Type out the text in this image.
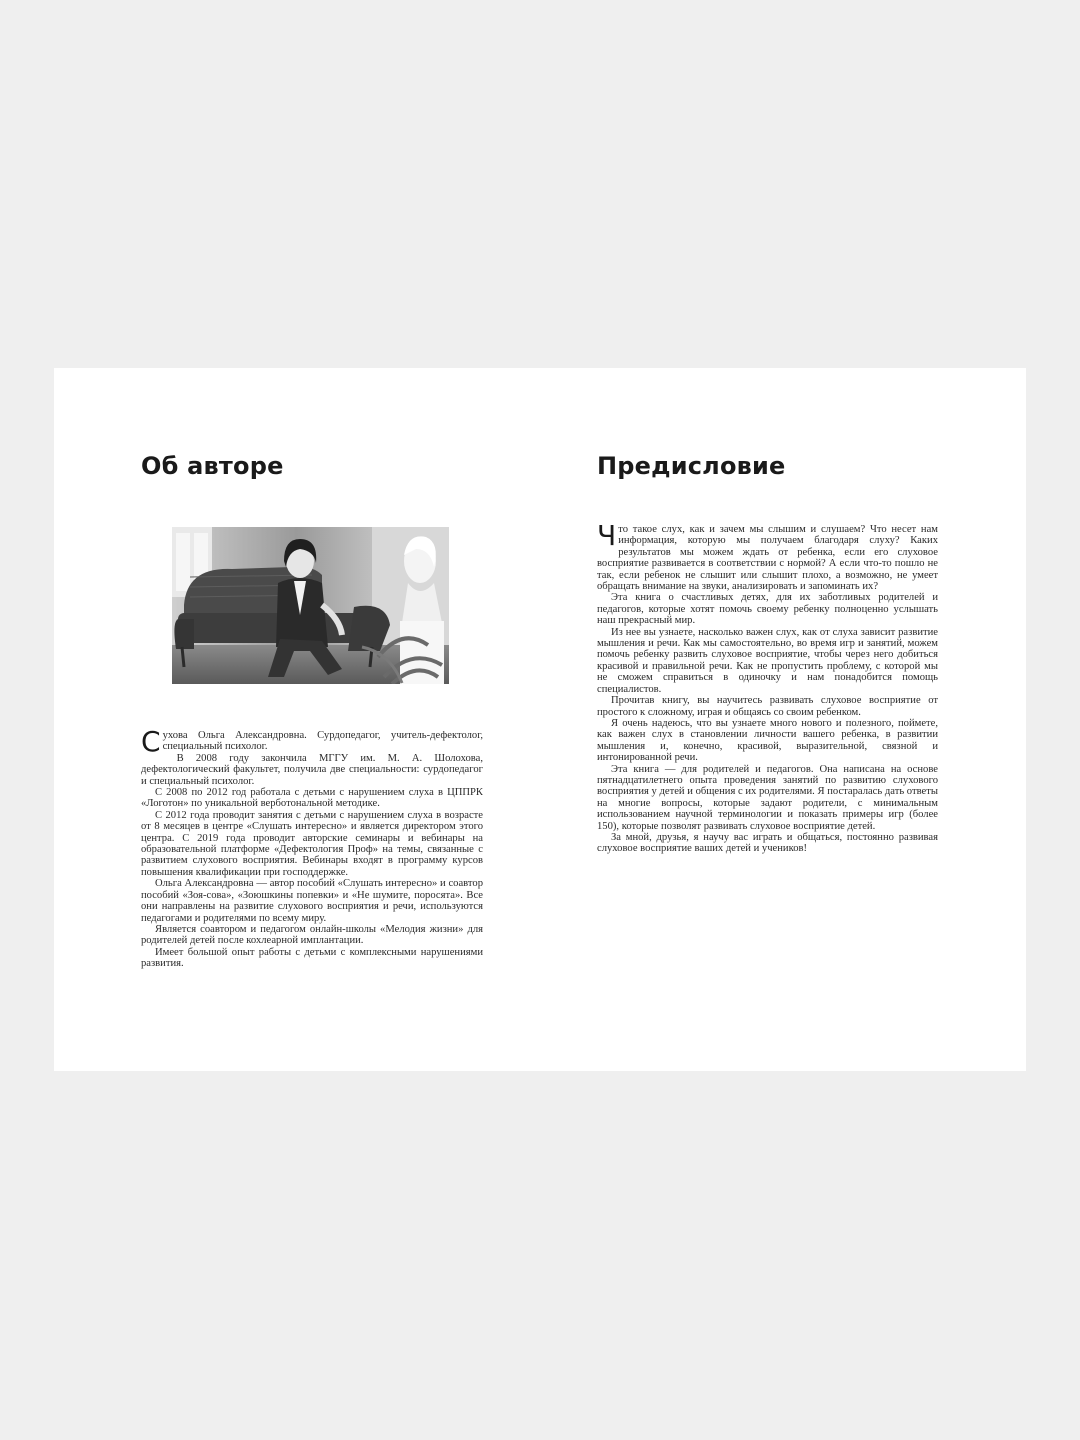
Об авторе

Сухова Ольга Александровна. Сурдопедагог, учитель-дефектолог, специальный психолог.

В 2008 году закончила МГГУ им. М. А. Шолохова, дефектологический факультет, получила две специальности: сурдопедагог и специальный психолог.

С 2008 по 2012 год работала с детьми с нарушением слуха в ЦППРК «Логотон» по уникальной верботональной методике.

С 2012 года проводит занятия с детьми с нарушением слуха в возрасте от 8 месяцев в центре «Слушать интересно» и является директором этого центра. С 2019 года проводит авторские семинары и вебинары на образовательной платформе «Дефектология Проф» на темы, связанные с развитием слухового восприятия. Вебинары входят в программу курсов повышения квалификации при господдержке.

Ольга Александровна — автор пособий «Слушать интересно» и соавтор пособий «Зоя-сова», «Зоюшкины попевки» и «Не шумите, поросята». Все они направлены на развитие слухового восприятия и речи, используются педагогами и родителями по всему миру.

Является соавтором и педагогом онлайн-школы «Мелодия жизни» для родителей детей после кохлеарной имплантации.

Имеет большой опыт работы с детьми с комплексными нарушениями развития.

Предисловие

Что такое слух, как и зачем мы слышим и слушаем? Что несет нам информация, которую мы получаем благодаря слуху? Каких результатов мы можем ждать от ребенка, если его слуховое восприятие развивается в соответствии с нормой? А если что-то пошло не так, если ребенок не слышит или слышит плохо, а возможно, не умеет обращать внимание на звуки, анализировать и запоминать их?

Эта книга о счастливых детях, для их заботливых родителей и педагогов, которые хотят помочь своему ребенку полноценно услышать наш прекрасный мир.

Из нее вы узнаете, насколько важен слух, как от слуха зависит развитие мышления и речи. Как мы самостоятельно, во время игр и занятий, можем помочь ребенку развить слуховое восприятие, чтобы через него добиться красивой и правильной речи. Как не пропустить проблему, с которой мы не сможем справиться в одиночку и нам понадобится помощь специалистов.

Прочитав книгу, вы научитесь развивать слуховое восприятие от простого к сложному, играя и общаясь со своим ребенком.

Я очень надеюсь, что вы узнаете много нового и полезного, поймете, как важен слух в становлении личности вашего ребенка, в развитии мышления и, конечно, красивой, выразительной, связной и интонированной речи.

Эта книга — для родителей и педагогов. Она написана на основе пятнадцатилетнего опыта проведения занятий по развитию слухового восприятия у детей и общения с их родителями. Я постаралась дать ответы на многие вопросы, которые задают родители, с минимальным использованием научной терминологии и показать примеры игр (более 150), которые позволят развивать слуховое восприятие детей.

За мной, друзья, я научу вас играть и общаться, постоянно развивая слуховое восприятие ваших детей и учеников!
